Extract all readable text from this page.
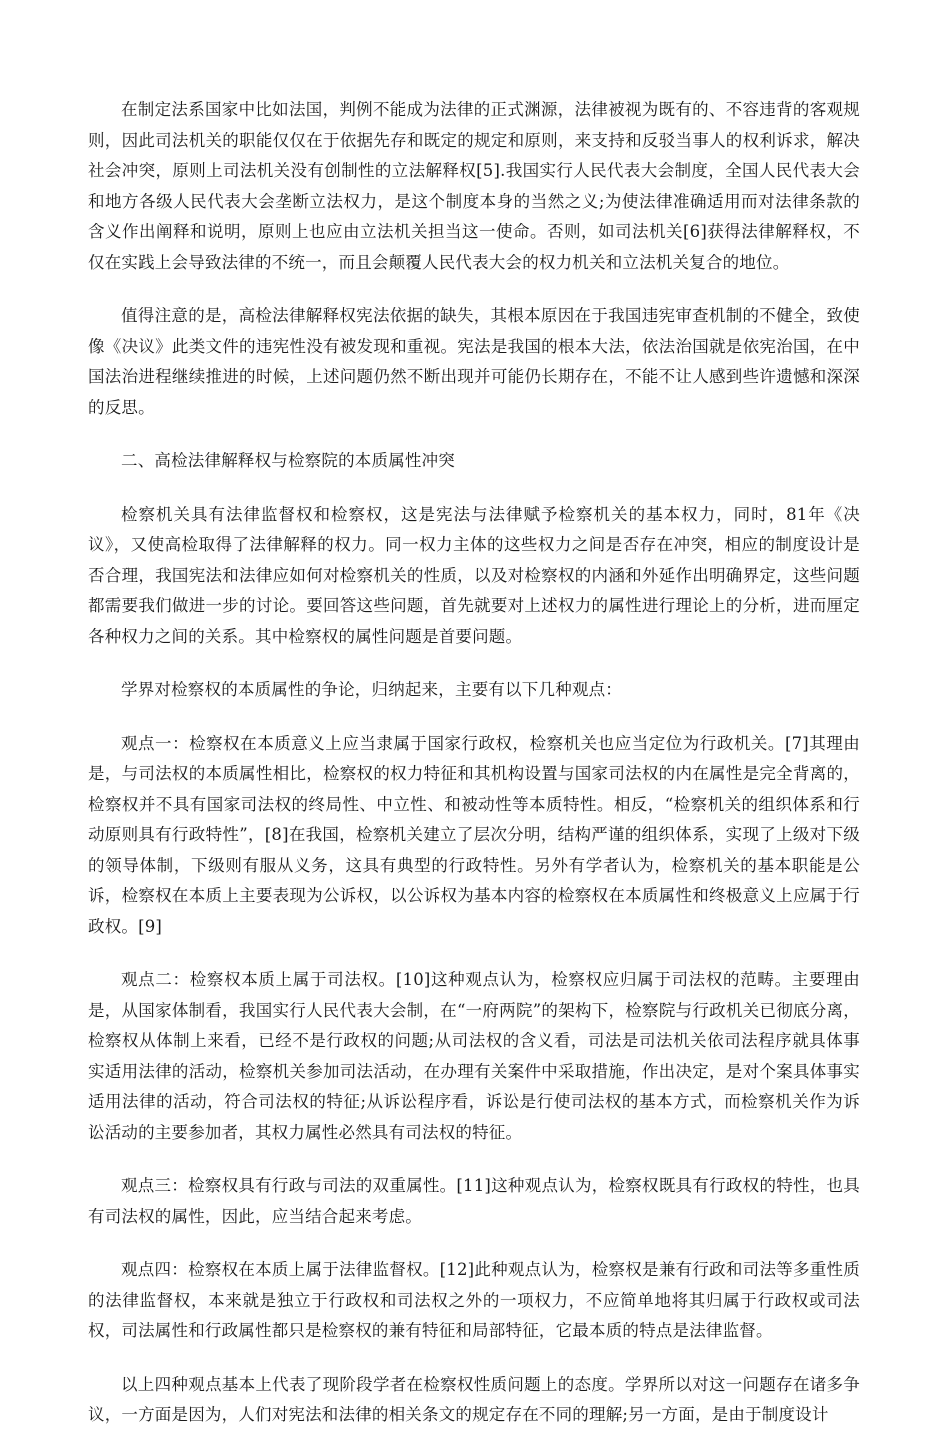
在制定法系国家中比如法国，判例不能成为法律的正式渊源，法律被视为既有的、不容违背的客观规则，因此司法机关的职能仅仅在于依据先存和既定的规定和原则，来支持和反驳当事人的权利诉求，解决社会冲突，原则上司法机关没有创制性的立法解释权[5].我国实行人民代表大会制度，全国人民代表大会和地方各级人民代表大会垄断立法权力，是这个制度本身的当然之义;为使法律准确适用而对法律条款的含义作出阐释和说明，原则上也应由立法机关担当这一使命。否则，如司法机关[6]获得法律解释权，不仅在实践上会导致法律的不统一，而且会颠覆人民代表大会的权力机关和立法机关复合的地位。

值得注意的是，高检法律解释权宪法依据的缺失，其根本原因在于我国违宪审查机制的不健全，致使像《决议》此类文件的违宪性没有被发现和重视。宪法是我国的根本大法，依法治国就是依宪治国，在中国法治进程继续推进的时候，上述问题仍然不断出现并可能仍长期存在，不能不让人感到些许遗憾和深深的反思。

二、高检法律解释权与检察院的本质属性冲突

检察机关具有法律监督权和检察权，这是宪法与法律赋予检察机关的基本权力，同时，81年《决议》，又使高检取得了法律解释的权力。同一权力主体的这些权力之间是否存在冲突，相应的制度设计是否合理，我国宪法和法律应如何对检察机关的性质，以及对检察权的内涵和外延作出明确界定，这些问题都需要我们做进一步的讨论。要回答这些问题，首先就要对上述权力的属性进行理论上的分析，进而厘定各种权力之间的关系。其中检察权的属性问题是首要问题。

学界对检察权的本质属性的争论，归纳起来，主要有以下几种观点：

观点一：检察权在本质意义上应当隶属于国家行政权，检察机关也应当定位为行政机关。[7]其理由是，与司法权的本质属性相比，检察权的权力特征和其机构设置与国家司法权的内在属性是完全背离的，检察权并不具有国家司法权的终局性、中立性、和被动性等本质特性。相反，“检察机关的组织体系和行动原则具有行政特性”，[8]在我国，检察机关建立了层次分明，结构严谨的组织体系，实现了上级对下级的领导体制，下级则有服从义务，这具有典型的行政特性。另外有学者认为，检察机关的基本职能是公诉，检察权在本质上主要表现为公诉权，以公诉权为基本内容的检察权在本质属性和终极意义上应属于行政权。[9]

观点二：检察权本质上属于司法权。[10]这种观点认为，检察权应归属于司法权的范畴。主要理由是，从国家体制看，我国实行人民代表大会制，在“一府两院”的架构下，检察院与行政机关已彻底分离，检察权从体制上来看，已经不是行政权的问题;从司法权的含义看，司法是司法机关依司法程序就具体事实适用法律的活动，检察机关参加司法活动，在办理有关案件中采取措施，作出决定，是对个案具体事实适用法律的活动，符合司法权的特征;从诉讼程序看，诉讼是行使司法权的基本方式，而检察机关作为诉讼活动的主要参加者，其权力属性必然具有司法权的特征。

观点三：检察权具有行政与司法的双重属性。[11]这种观点认为，检察权既具有行政权的特性，也具有司法权的属性，因此，应当结合起来考虑。

观点四：检察权在本质上属于法律监督权。[12]此种观点认为，检察权是兼有行政和司法等多重性质的法律监督权，本来就是独立于行政权和司法权之外的一项权力，不应简单地将其归属于行政权或司法权，司法属性和行政属性都只是检察权的兼有特征和局部特征，它最本质的特点是法律监督。

以上四种观点基本上代表了现阶段学者在检察权性质问题上的态度。学界所以对这一问题存在诸多争议，一方面是因为，人们对宪法和法律的相关条文的规定存在不同的理解;另一方面，是由于制度设计
